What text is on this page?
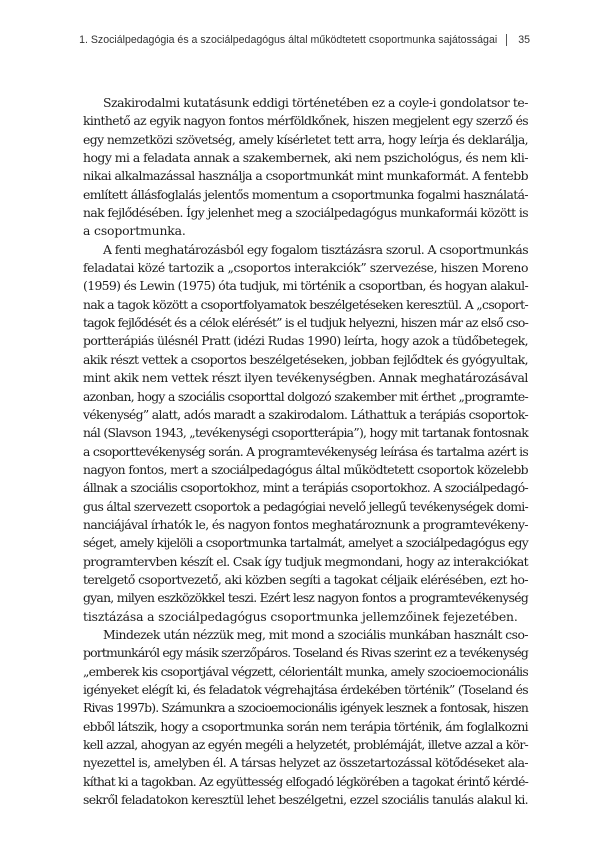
1. Szociálpedagógia és a szociálpedagógus által működtetett csoportmunka sajátosságai 35
Szakirodalmi kutatásunk eddigi történetében ez a coyle-i gondolatsor te-
kinthető az egyik nagyon fontos mérföldkőnek, hiszen megjelent egy szerző és
egy nemzetközi szövetség, amely kísérletet tett arra, hogy leírja és deklarálja,
hogy mi a feladata annak a szakembernek, aki nem pszichológus, és nem kli-
nikai alkalmazással használja a csoportmunkát mint munkaformát. A fentebb
említett állásfoglalás jelentős momentum a csoportmunka fogalmi használatá-
nak fejlődésében. Így jelenhet meg a szociálpedagógus munkaformái között is
a csoportmunka.
A fenti meghatározásból egy fogalom tisztázásra szorul. A csoportmunkás
feladatai közé tartozik a „csoportos interakciók” szervezése, hiszen Moreno
(1959) és Lewin (1975) óta tudjuk, mi történik a csoportban, és hogyan alakul-
nak a tagok között a csoportfolyamatok beszélgetéseken keresztül. A „csoport-
tagok fejlődését és a célok elérését” is el tudjuk helyezni, hiszen már az első cso-
portterápiás ülésnél Pratt (idézi Rudas 1990) leírta, hogy azok a tüdőbetegek,
akik részt vettek a csoportos beszélgetéseken, jobban fejlődtek és gyógyultak,
mint akik nem vettek részt ilyen tevékenységben. Annak meghatározásával
azonban, hogy a szociális csoporttal dolgozó szakember mit érthet „programte-
vékenység” alatt, adós maradt a szakirodalom. Láthattuk a terápiás csoportok-
nál (Slavson 1943, „tevékenységi csoportterápia”), hogy mit tartanak fontosnak
a csoporttevékenység során. A programtevékenység leírása és tartalma azért is
nagyon fontos, mert a szociálpedagógus által működtetett csoportok közelebb
állnak a szociális csoportokhoz, mint a terápiás csoportokhoz. A szociálpedagó-
gus által szervezett csoportok a pedagógiai nevelő jellegű tevékenységek domi-
nanciájával írhatók le, és nagyon fontos meghatároznunk a programtevékeny-
séget, amely kijelöli a csoportmunka tartalmát, amelyet a szociálpedagógus egy
programtervben készít el. Csak így tudjuk megmondani, hogy az interakciókat
terelgető csoportvezető, aki közben segíti a tagokat céljaik elérésében, ezt ho-
gyan, milyen eszközökkel teszi. Ezért lesz nagyon fontos a programtevékenység
tisztázása a szociálpedagógus csoportmunka jellemzőinek fejezetében.
Mindezek után nézzük meg, mit mond a szociális munkában használt cso-
portmunkáról egy másik szerzőpáros. Toseland és Rivas szerint ez a tevékenység
„emberek kis csoportjával végzett, célorientált munka, amely szocioemocionális
igényeket elégít ki, és feladatok végrehajtása érdekében történik” (Toseland és
Rivas 1997b). Számunkra a szocioemocionális igények lesznek a fontosak, hiszen
ebből látszik, hogy a csoportmunka során nem terápia történik, ám foglalkozni
kell azzal, ahogyan az egyén megéli a helyzetét, problémáját, illetve azzal a kör-
nyezettel is, amelyben él. A társas helyzet az összetartozással kötődéseket ala-
kíthat ki a tagokban. Az együttesség elfogadó légkörében a tagokat érintő kérdé-
sekről feladatokon keresztül lehet beszélgetni, ezzel szociális tanulás alakul ki.
